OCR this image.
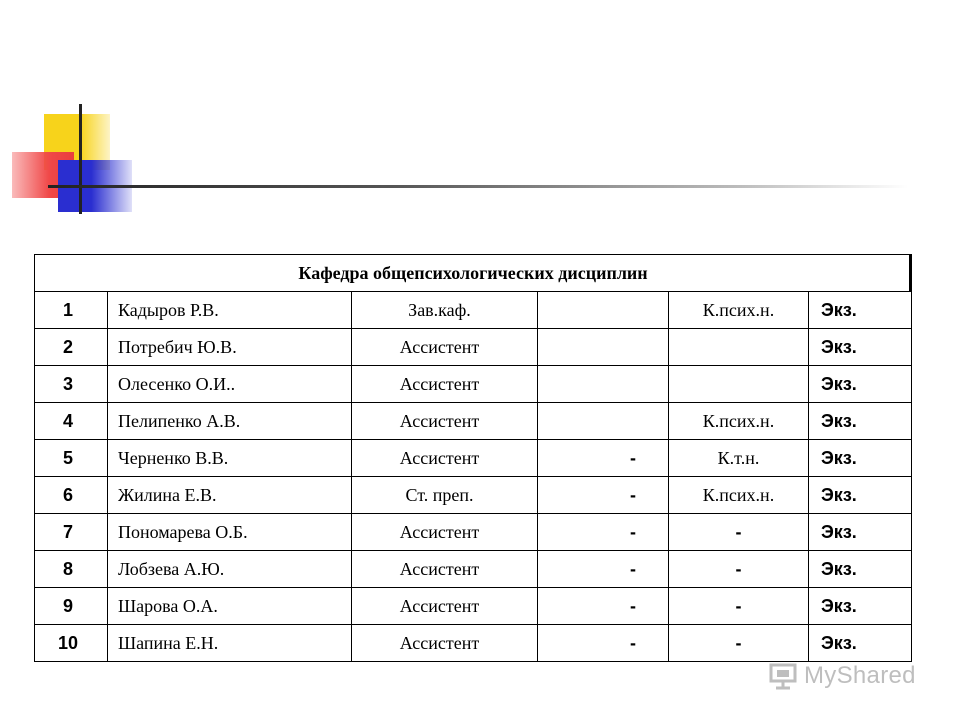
Кафедра общепсихологических дисциплин					
1	Кадыров Р.В.	Зав.каф.		К.псих.н.	Экз.
2	Потребич Ю.В.	Ассистент			Экз.
3	Олесенко О.И..	Ассистент			Экз.
4	Пелипенко А.В.	Ассистент		К.псих.н.	Экз.
5	Черненко В.В.	Ассистент	-	К.т.н.	Экз.
6	Жилина Е.В.	Ст. преп.	-	К.псих.н.	Экз.
7	Пономарева О.Б.	Ассистент	-	-	Экз.
8	Лобзева А.Ю.	Ассистент	-	-	Экз.
9	Шарова О.А.	Ассистент	-	-	Экз.
10	Шапина Е.Н.	Ассистент	-	-	Экз.
MyShared
